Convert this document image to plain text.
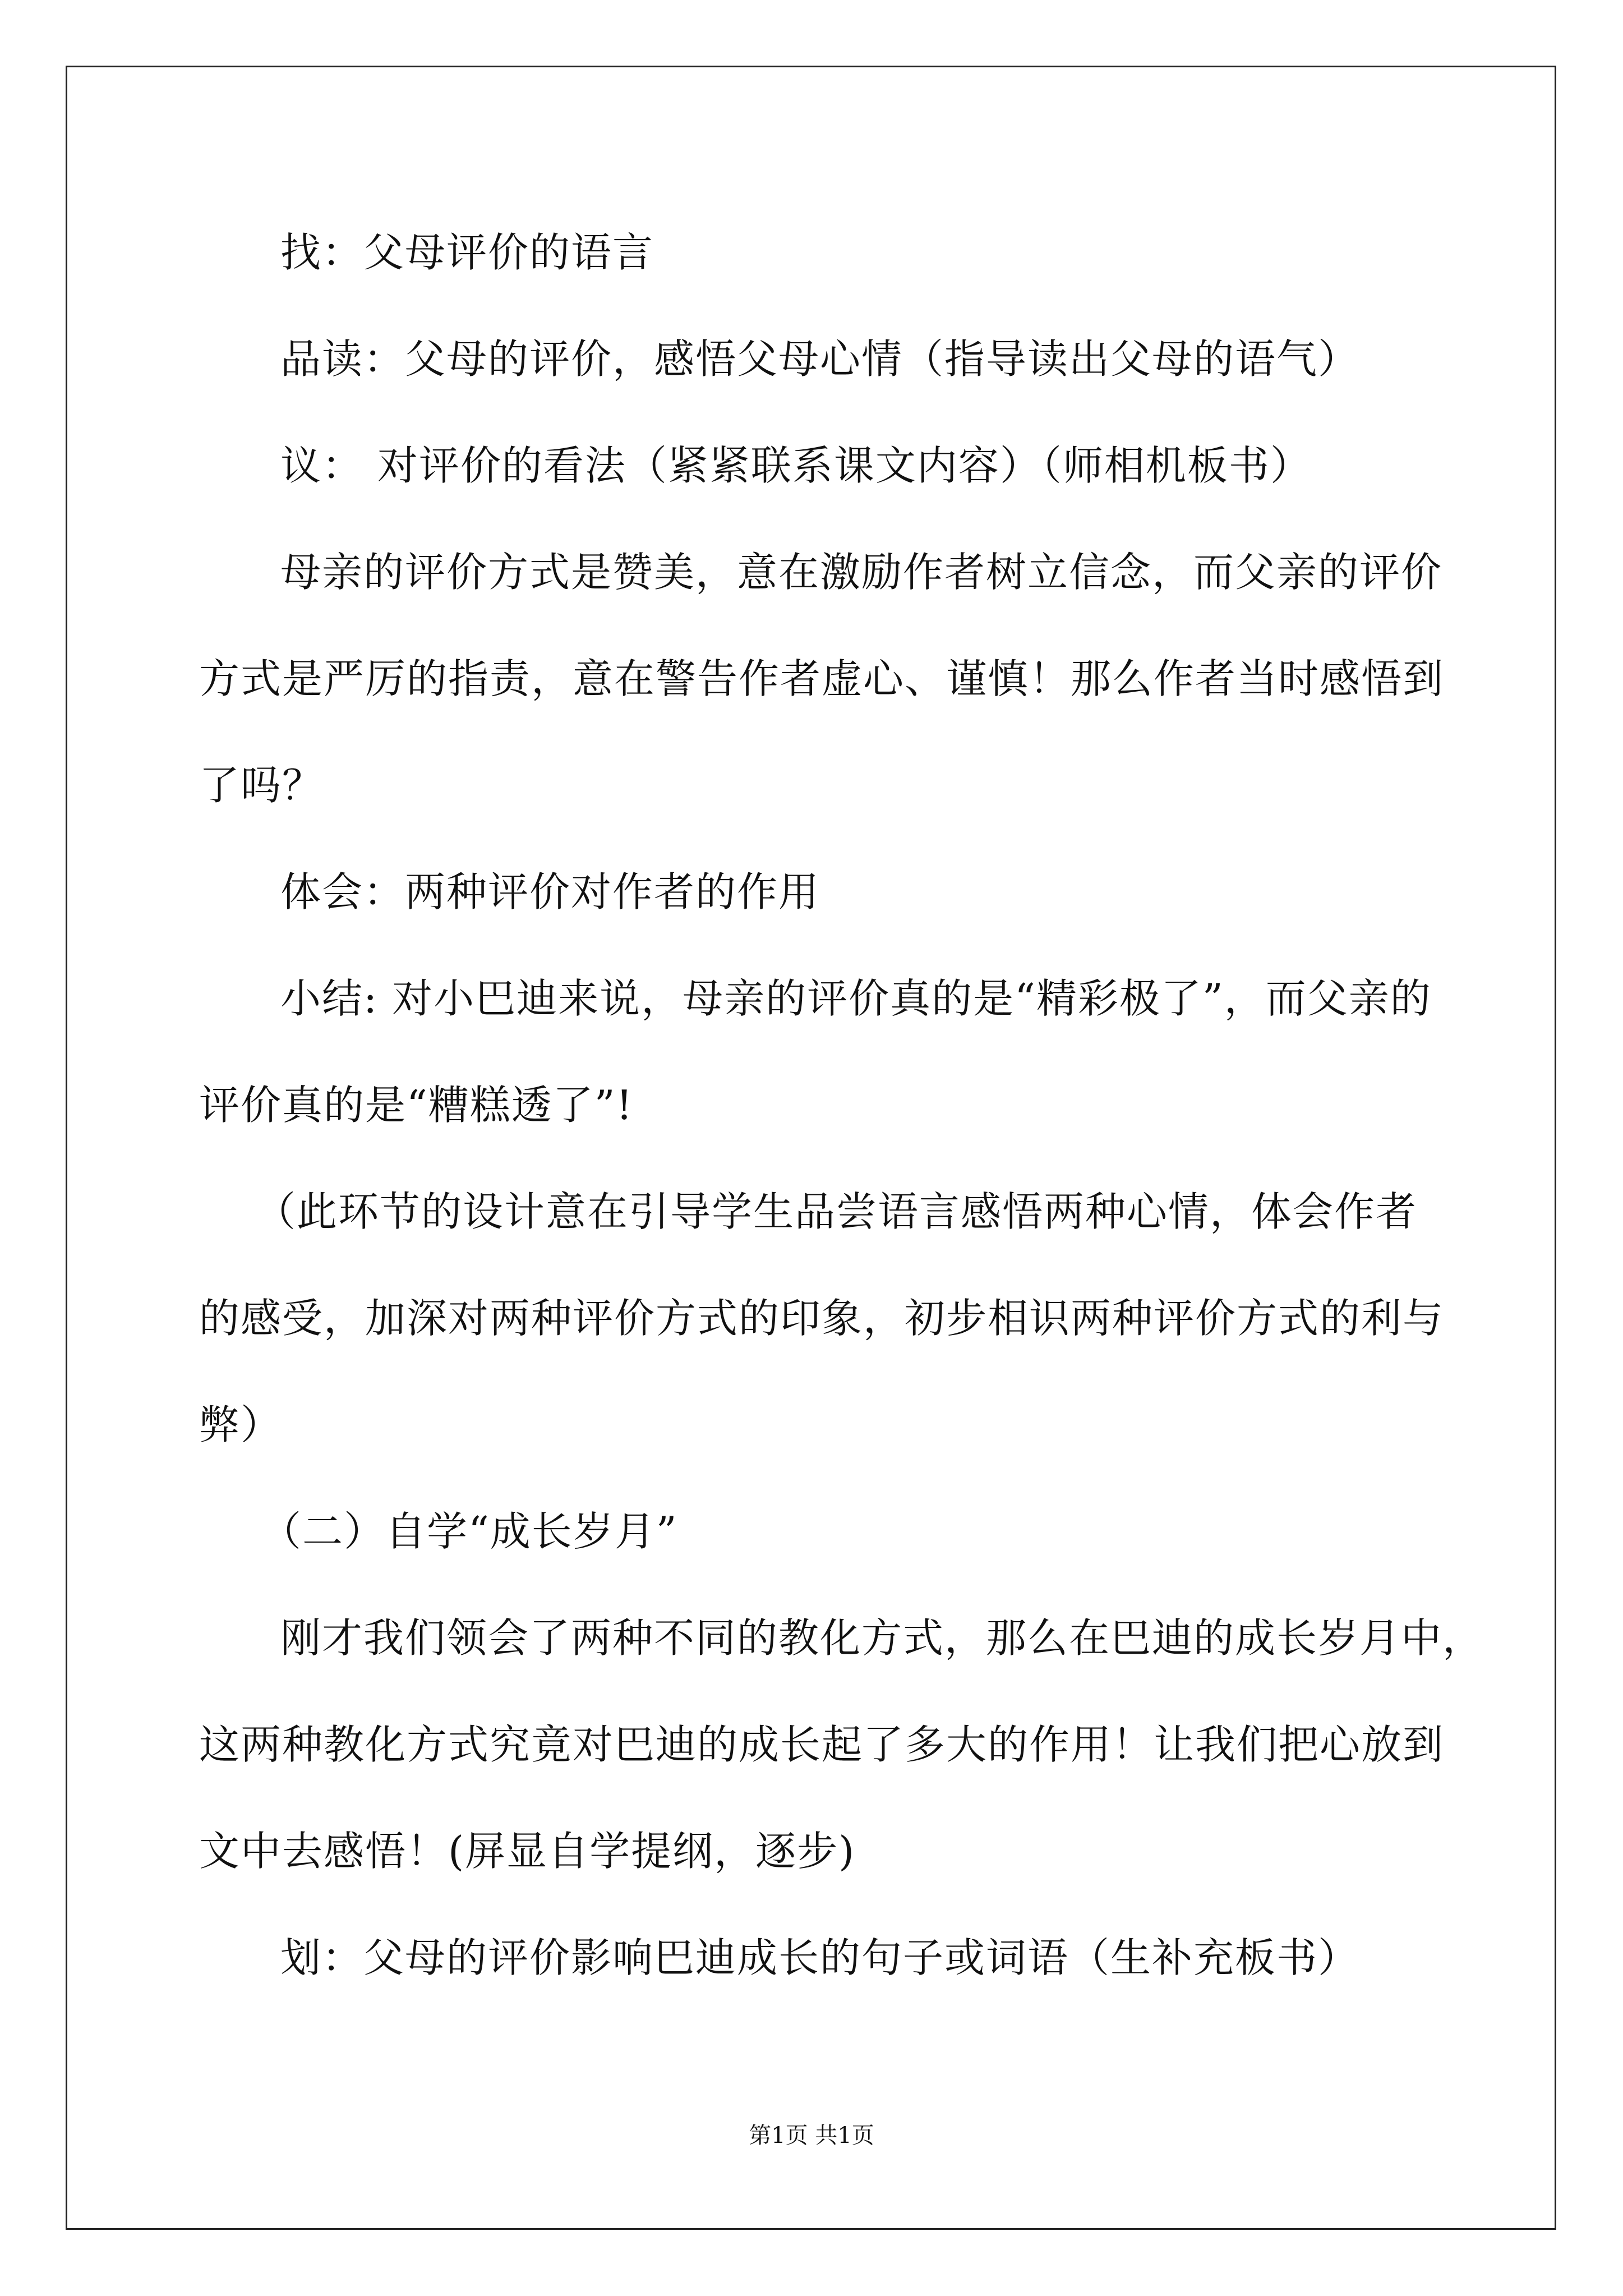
找：父母评价的语言
品读：父母的评价，感悟父母心情（指导读出父母的语气）
议： 对评价的看法（紧紧联系课文内容）（师相机板书）
母亲的评价方式是赞美，意在激励作者树立信念，而父亲的评价
方式是严厉的指责，意在警告作者虚心、谨慎！那么作者当时感悟到
了吗？
体会：两种评价对作者的作用
小结: 对小巴迪来说，母亲的评价真的是“精彩极了”，而父亲的
评价真的是“糟糕透了”!
（此环节的设计意在引导学生品尝语言感悟两种心情，体会作者
的感受，加深对两种评价方式的印象，初步相识两种评价方式的利与
弊）
（二）自学“成长岁月”
刚才我们领会了两种不同的教化方式，那么在巴迪的成长岁月中，
这两种教化方式究竟对巴迪的成长起了多大的作用！让我们把心放到
文中去感悟！(屏显自学提纲，逐步)
划：父母的评价影响巴迪成长的句子或词语（生补充板书）
第1页 共1页
